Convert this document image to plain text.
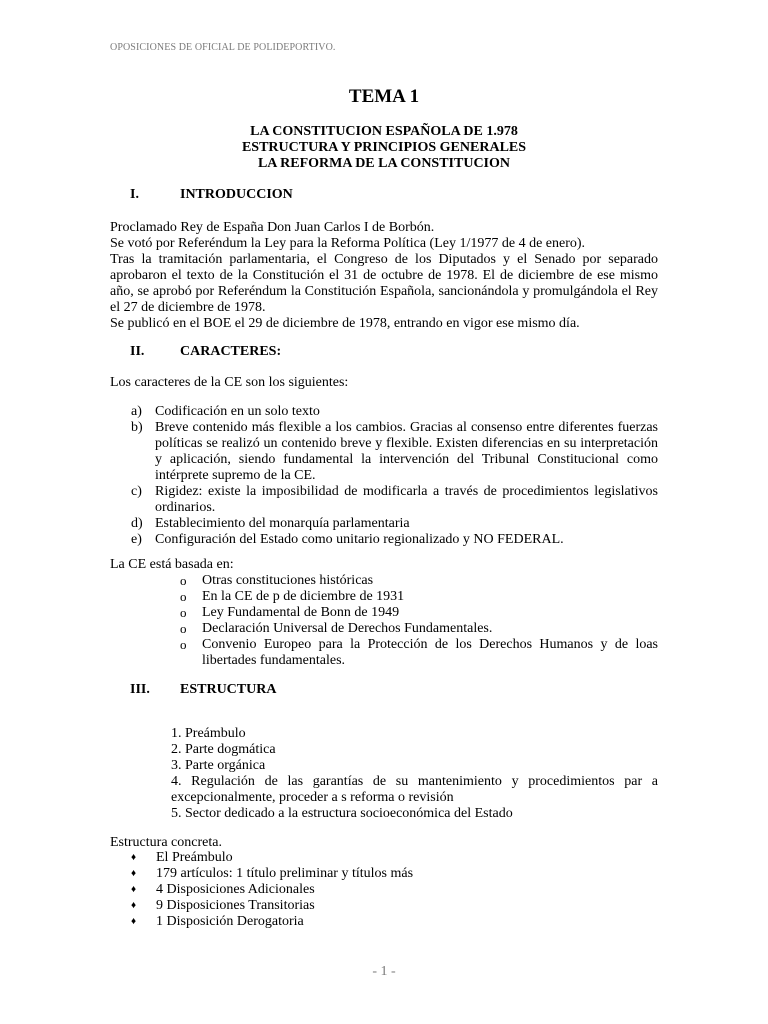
OPOSICIONES DE OFICIAL DE POLIDEPORTIVO.
TEMA 1
LA CONSTITUCION ESPAÑOLA DE 1.978
ESTRUCTURA Y PRINCIPIOS GENERALES
LA REFORMA DE LA CONSTITUCION
I.	INTRODUCCION
Proclamado Rey de España Don Juan Carlos I de Borbón.
Se votó por Referéndum la Ley para la Reforma Política (Ley 1/1977 de 4 de enero).
Tras la tramitación parlamentaria, el Congreso de los Diputados y el Senado por separado aprobaron el texto de la Constitución el 31 de octubre de 1978. El de diciembre de ese mismo año, se aprobó por Referéndum la Constitución Española, sancionándola y promulgándola el Rey el 27 de diciembre de 1978.
Se publicó en el BOE el 29 de diciembre de 1978, entrando en vigor ese mismo día.
II.	CARACTERES:
Los caracteres de la CE son los siguientes:
a) Codificación en un solo texto
b) Breve contenido más flexible a los cambios. Gracias al consenso entre diferentes fuerzas políticas se realizó un contenido breve y flexible. Existen diferencias en su interpretación y aplicación, siendo fundamental la intervención del Tribunal Constitucional como intérprete supremo de la CE.
c) Rigidez: existe la imposibilidad de modificarla a través de procedimientos legislativos ordinarios.
d) Establecimiento del monarquía parlamentaria
e) Configuración del Estado como unitario regionalizado y NO FEDERAL.
La CE está basada en:
o Otras constituciones históricas
o En la CE de p de diciembre de 1931
o Ley Fundamental de Bonn de 1949
o Declaración Universal de Derechos Fundamentales.
o Convenio Europeo para la Protección de los Derechos Humanos y de loas libertades fundamentales.
III. ESTRUCTURA
1. Preámbulo
2. Parte dogmática
3. Parte orgánica
4. Regulación de las garantías de su mantenimiento y procedimientos par a excepcionalmente, proceder a s reforma o revisión
5. Sector dedicado a la estructura socioeconómica del Estado
Estructura concreta.
♦ El Preámbulo
♦ 179 artículos: 1 título preliminar y títulos más
♦ 4 Disposiciones Adicionales
♦ 9 Disposiciones Transitorias
♦ 1 Disposición Derogatoria
- 1 -
